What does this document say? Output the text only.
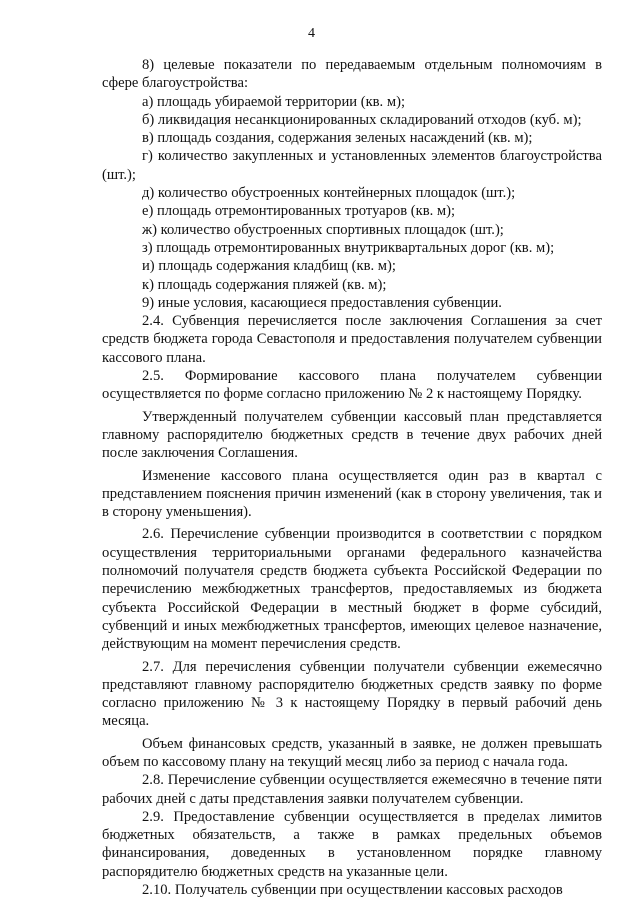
4

8) целевые показатели по передаваемым отдельным полномочиям в сфере благоустройства:

а) площадь убираемой территории (кв. м);

б) ликвидация несанкционированных складирований отходов (куб. м);

в) площадь создания, содержания зеленых насаждений (кв. м);

г) количество закупленных и установленных элементов благоустройства (шт.);

д) количество обустроенных контейнерных площадок (шт.);

е) площадь отремонтированных тротуаров (кв. м);

ж) количество обустроенных спортивных площадок (шт.);

з) площадь отремонтированных внутриквартальных дорог (кв. м);

и) площадь содержания кладбищ (кв. м);

к) площадь содержания пляжей (кв. м);

9) иные условия, касающиеся предоставления субвенции.

2.4. Субвенция перечисляется после заключения Соглашения за счет средств бюджета города Севастополя и предоставления получателем субвенции кассового плана.

2.5. Формирование кассового плана получателем субвенции осуществляется по форме согласно приложению № 2 к настоящему Порядку.

Утвержденный получателем субвенции кассовый план представляется главному распорядителю бюджетных средств в течение двух рабочих дней после заключения Соглашения.

Изменение кассового плана осуществляется один раз в квартал с представлением пояснения причин изменений (как в сторону увеличения, так и в сторону уменьшения).

2.6. Перечисление субвенции производится в соответствии с порядком осуществления территориальными органами федерального казначейства полномочий получателя средств бюджета субъекта Российской Федерации по перечислению межбюджетных трансфертов, предоставляемых из бюджета субъекта Российской Федерации в местный бюджет в форме субсидий, субвенций и иных межбюджетных трансфертов, имеющих целевое назначение, действующим на момент перечисления средств.

2.7. Для перечисления субвенции получатели субвенции ежемесячно представляют главному распорядителю бюджетных средств заявку по форме согласно приложению № 3 к настоящему Порядку в первый рабочий день месяца.

Объем финансовых средств, указанный в заявке, не должен превышать объем по кассовому плану на текущий месяц либо за период с начала года.

2.8. Перечисление субвенции осуществляется ежемесячно в течение пяти рабочих дней с даты представления заявки получателем субвенции.

2.9. Предоставление субвенции осуществляется в пределах лимитов бюджетных обязательств, а также в рамках предельных объемов финансирования, доведенных в установленном порядке главному распорядителю бюджетных средств на указанные цели.

2.10. Получатель субвенции при осуществлении кассовых расходов
